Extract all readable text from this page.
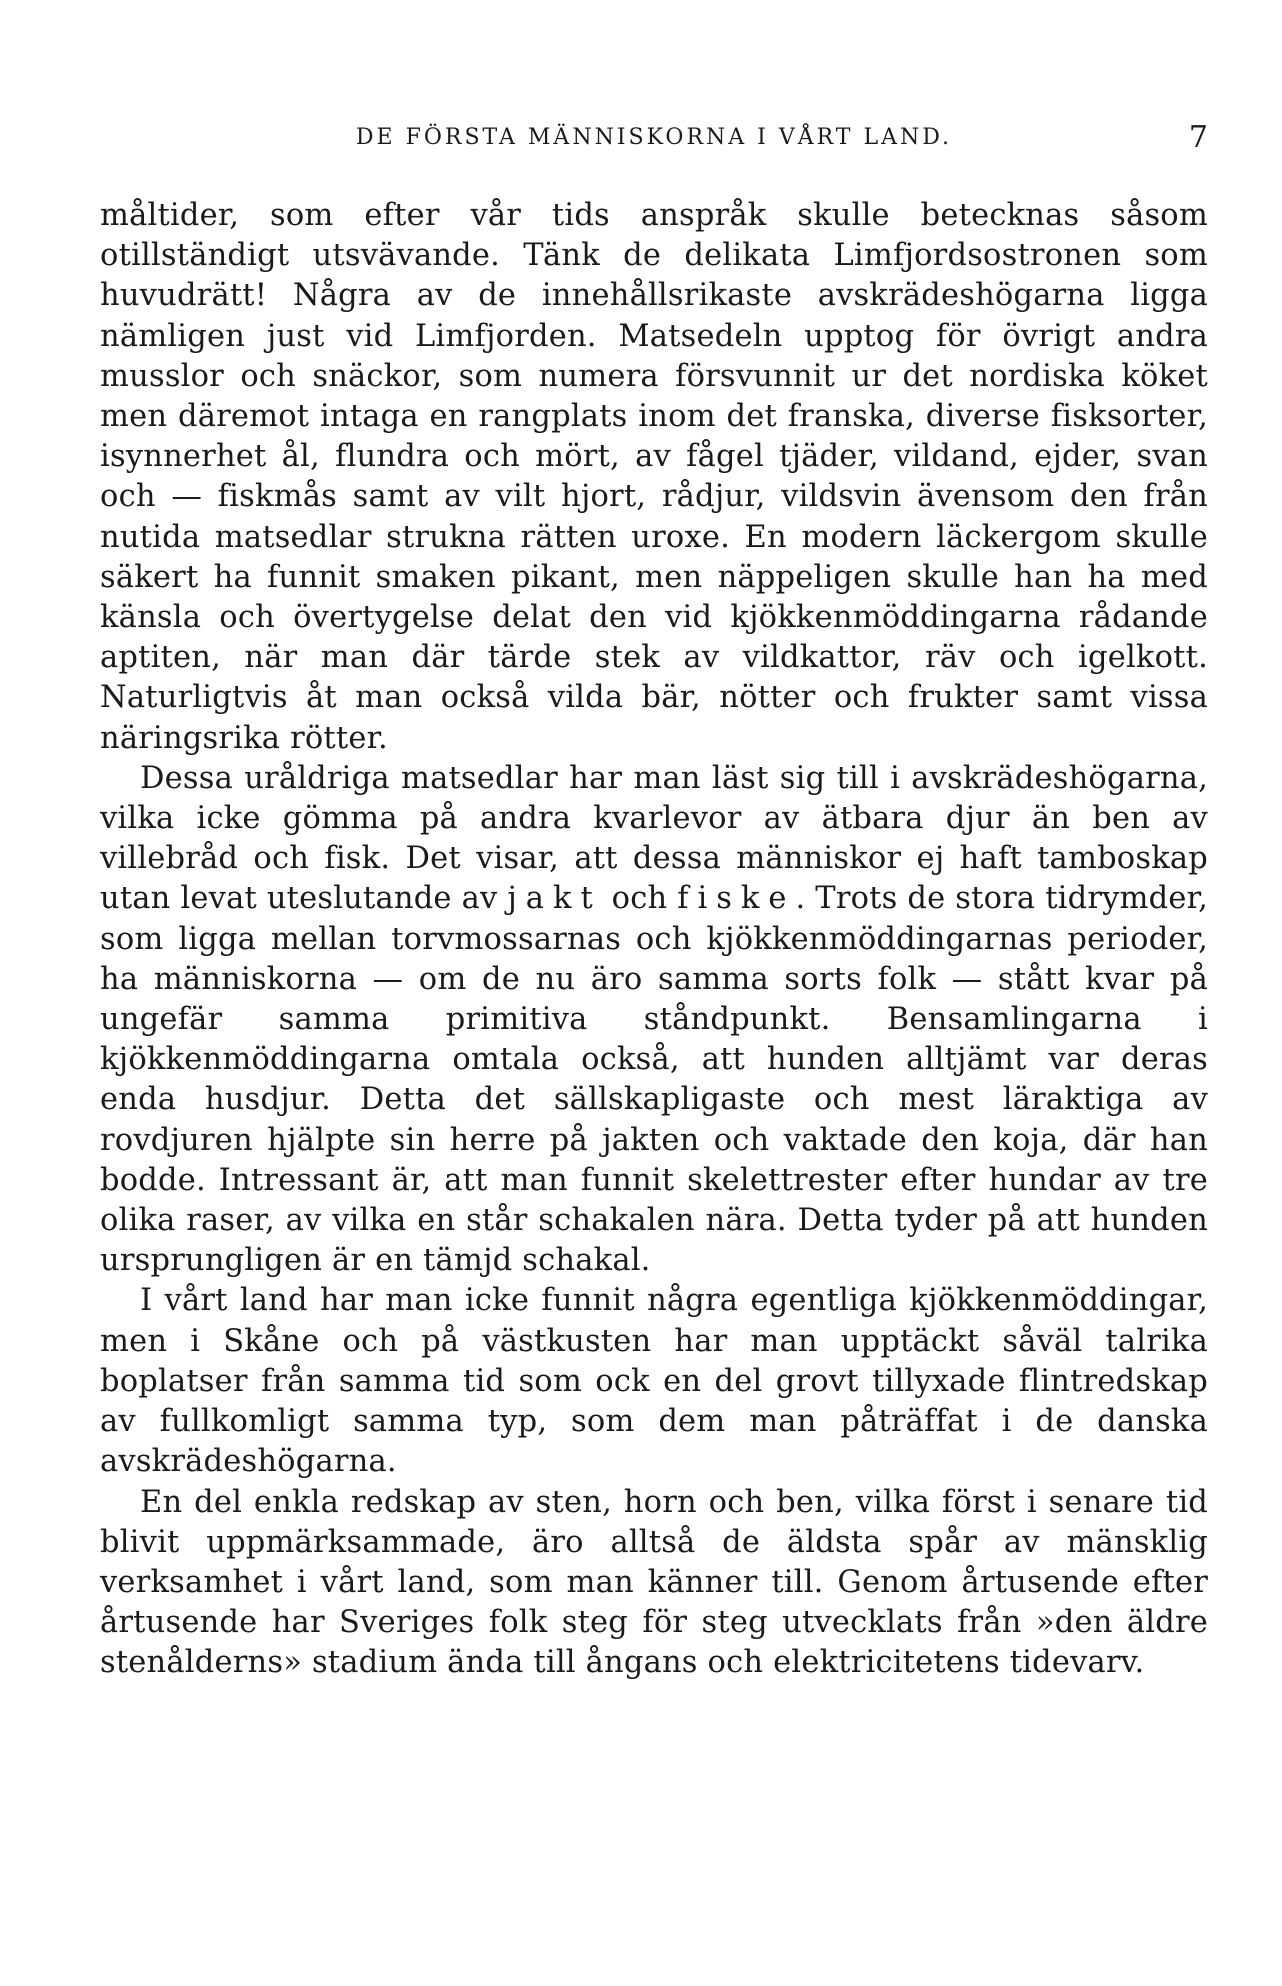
DE FÖRSTA MÄNNISKORNA I VÅRT LAND.	7

måltider, som efter vår tids anspråk skulle betecknas såsom otillständigt utsvävande. Tänk de delikata Limfjordsostronen som huvudrätt! Några av de innehållsrikaste avskrädeshögarna ligga nämligen just vid Limfjorden. Matsedeln upptog för övrigt andra musslor och snäckor, som numera försvunnit ur det nordiska köket men däremot intaga en rangplats inom det franska, diverse fisksorter, isynnerhet ål, flundra och mört, av fågel tjäder, vildand, ejder, svan och — fiskmås samt av vilt hjort, rådjur, vildsvin ävensom den från nutida matsedlar strukna rätten uroxe. En modern läckergom skulle säkert ha funnit smaken pikant, men näppeligen skulle han ha med känsla och övertygelse delat den vid kjökkenmöddingarna rådande aptiten, när man där tärde stek av vildkattor, räv och igelkott. Naturligtvis åt man också vilda bär, nötter och frukter samt vissa näringsrika rötter.

Dessa uråldriga matsedlar har man läst sig till i avskrädeshögarna, vilka icke gömma på andra kvarlevor av ätbara djur än ben av villebråd och fisk. Det visar, att dessa människor ej haft tamboskap utan levat uteslutande av jakt och fiske. Trots de stora tidrymder, som ligga mellan torvmossarnas och kjökkenmöddingarnas perioder, ha människorna — om de nu äro samma sorts folk — stått kvar på ungefär samma primitiva ståndpunkt. Bensamlingarna i kjökkenmöddingarna omtala också, att hunden alltjämt var deras enda husdjur. Detta det sällskapligaste och mest läraktiga av rovdjuren hjälpte sin herre på jakten och vaktade den koja, där han bodde. Intressant är, att man funnit skelettrester efter hundar av tre olika raser, av vilka en står schakalen nära. Detta tyder på att hunden ursprungligen är en tämjd schakal.

I vårt land har man icke funnit några egentliga kjökkenmöddingar, men i Skåne och på västkusten har man upptäckt såväl talrika boplatser från samma tid som ock en del grovt tillyxade flintredskap av fullkomligt samma typ, som dem man påträffat i de danska avskrädeshögarna.

En del enkla redskap av sten, horn och ben, vilka först i senare tid blivit uppmärksammade, äro alltså de äldsta spår av mänsklig verksamhet i vårt land, som man känner till. Genom årtusende efter årtusende har Sveriges folk steg för steg utvecklats från »den äldre stenålderns» stadium ända till ångans och elektricitetens tidevarv.
